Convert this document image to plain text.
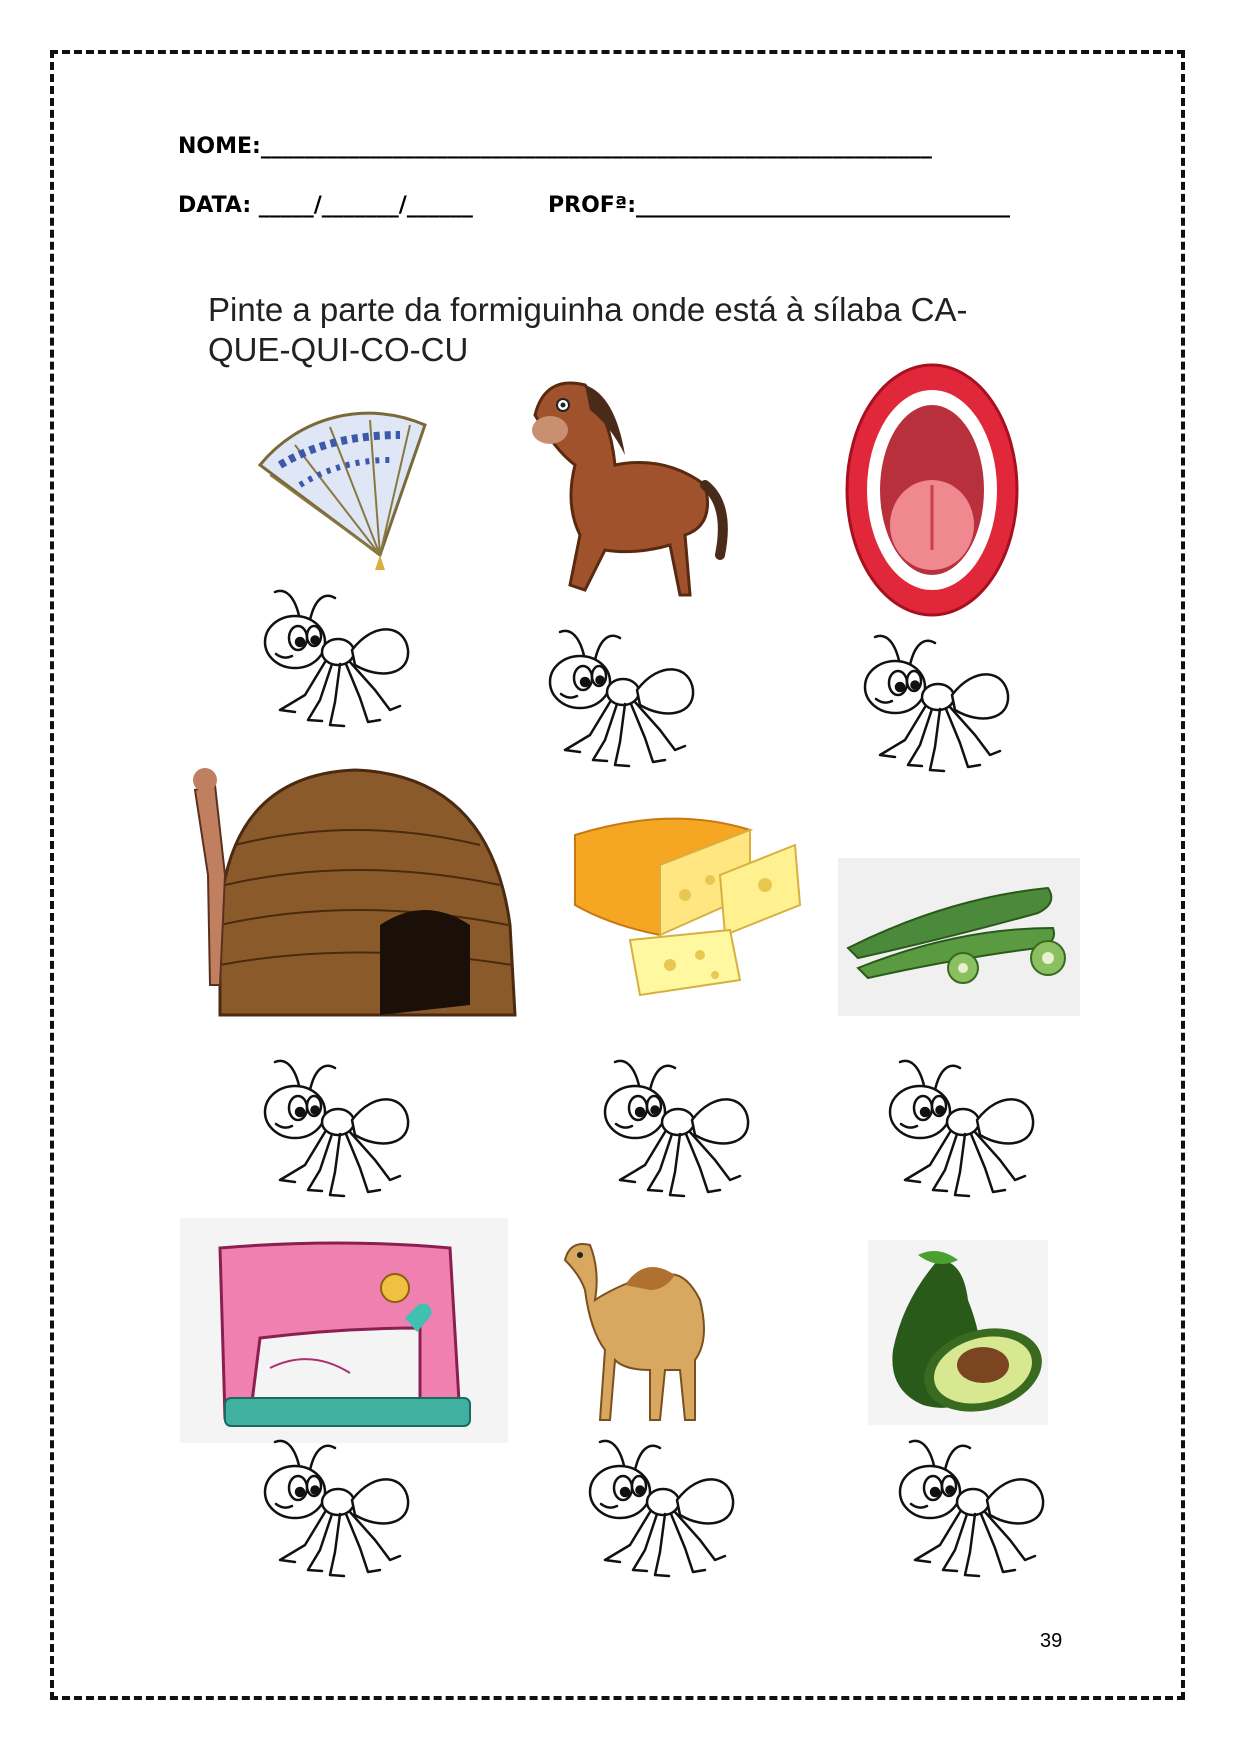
NOME:_____________________________________________________________
DATA: _____/_______/______	PROFª:__________________________________
Pinte a parte da formiguinha onde está à sílaba CA-QUE-QUI-CO-CU
39
